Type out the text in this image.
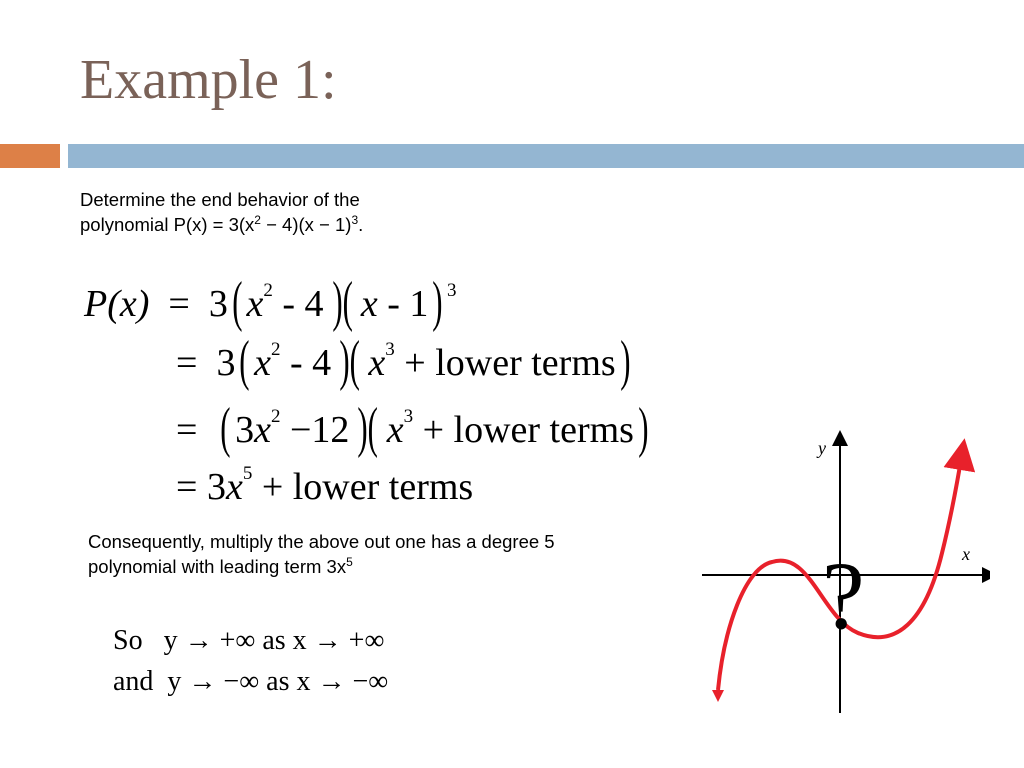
Example 1:
Determine the end behavior of the
polynomial $P(x) = 3(x^2 - 4)(x - 1)^3$.
P(x) = 3( $x^2 - 4$ )( x - 1) $^3$
= 3( $x^2 - 4$ )( $x^3$ + lower terms)
= ( $3x^2 -12$ )( $x^3$ + lower terms)
= $3x^5$ + lower terms
Consequently, multiply the above out one has a degree 5
polynomial with leading term $3x^5$
So   y → +∞ as x → +∞
and  y → −∞ as x → −∞
y
x
?
